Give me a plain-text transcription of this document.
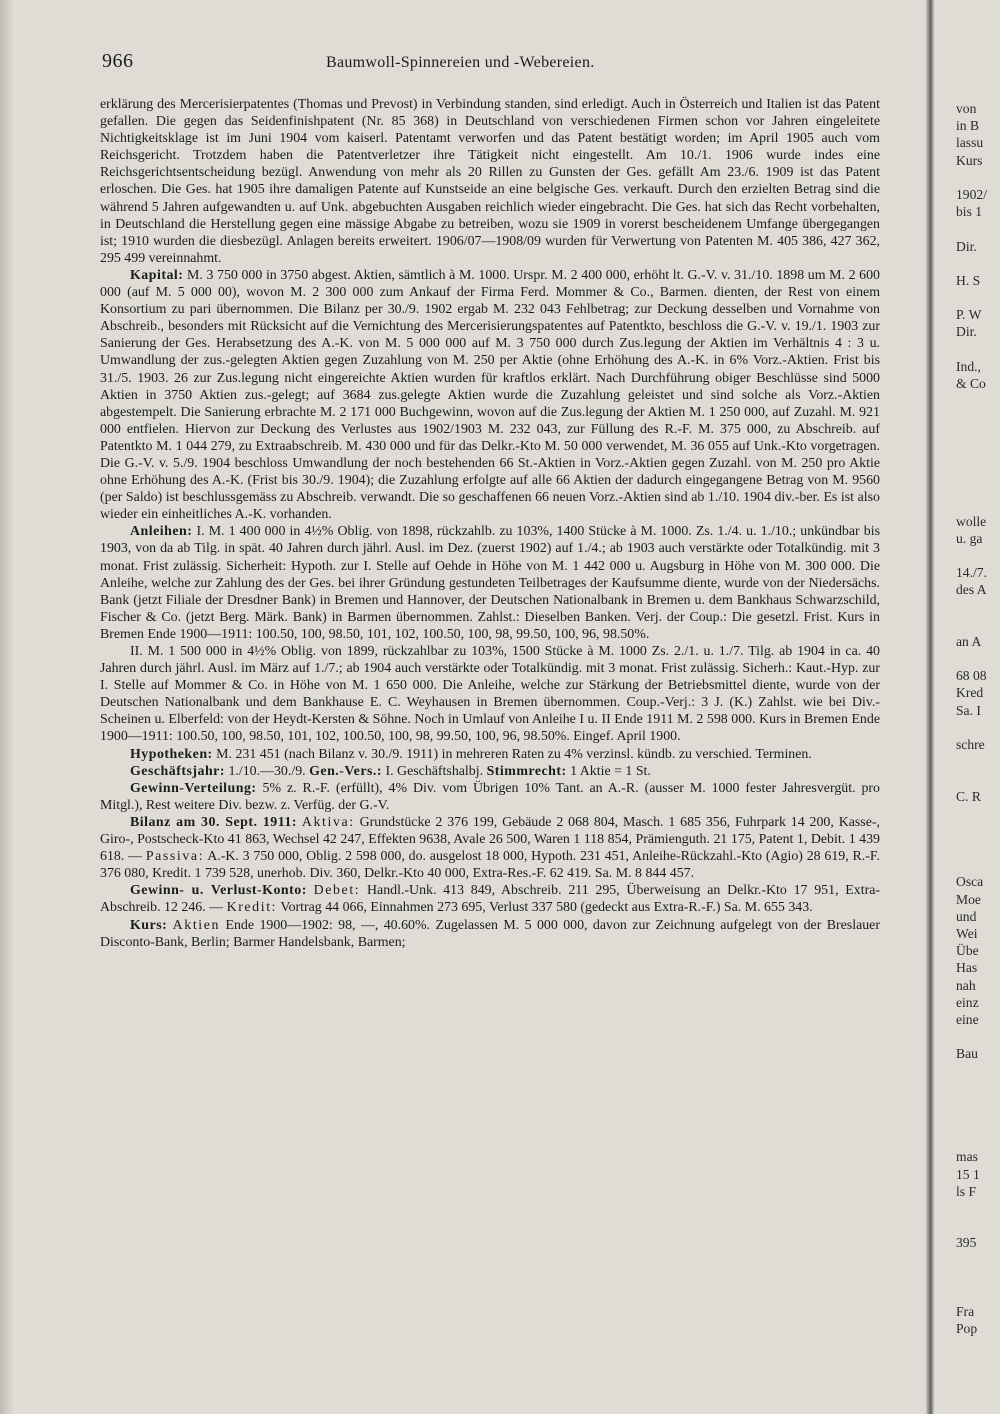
966	Baumwoll-Spinnereien und -Webereien.

erklärung des Mercerisierpatentes (Thomas und Prevost) in Verbindung standen, sind erledigt. Auch in Österreich und Italien ist das Patent gefallen. Die gegen das Seidenfinishpatent (Nr. 85 368) in Deutschland von verschiedenen Firmen schon vor Jahren eingeleitete Nichtigkeitsklage ist im Juni 1904 vom kaiserl. Patentamt verworfen und das Patent bestätigt worden; im April 1905 auch vom Reichsgericht. Trotzdem haben die Patentverletzer ihre Tätigkeit nicht eingestellt. Am 10./1. 1906 wurde indes eine Reichsgerichtsentscheidung bezügl. Anwendung von mehr als 20 Rillen zu Gunsten der Ges. gefällt Am 23./6. 1909 ist das Patent erloschen. Die Ges. hat 1905 ihre damaligen Patente auf Kunstseide an eine belgische Ges. verkauft. Durch den erzielten Betrag sind die während 5 Jahren aufgewandten u. auf Unk. abgebuchten Ausgaben reichlich wieder eingebracht. Die Ges. hat sich das Recht vorbehalten, in Deutschland die Herstellung gegen eine mässige Abgabe zu betreiben, wozu sie 1909 in vorerst bescheidenem Umfange übergegangen ist; 1910 wurden die diesbezügl. Anlagen bereits erweitert. 1906/07—1908/09 wurden für Verwertung von Patenten M. 405 386, 427 362, 295 499 vereinnahmt.

Kapital: M. 3 750 000 in 3750 abgest. Aktien, sämtlich à M. 1000. Urspr. M. 2 400 000, erhöht lt. G.-V. v. 31./10. 1898 um M. 2 600 000 (auf M. 5 000 00), wovon M. 2 300 000 zum Ankauf der Firma Ferd. Mommer & Co., Barmen. dienten, der Rest von einem Konsortium zu pari übernommen. Die Bilanz per 30./9. 1902 ergab M. 232 043 Fehlbetrag; zur Deckung desselben und Vornahme von Abschreib., besonders mit Rücksicht auf die Vernichtung des Mercerisierungspatentes auf Patentkto, beschloss die G.-V. v. 19./1. 1903 zur Sanierung der Ges. Herabsetzung des A.-K. von M. 5 000 000 auf M. 3 750 000 durch Zus.legung der Aktien im Verhältnis 4 : 3 u. Umwandlung der zus.-gelegten Aktien gegen Zuzahlung von M. 250 per Aktie (ohne Erhöhung des A.-K. in 6% Vorz.-Aktien. Frist bis 31./5. 1903. 26 zur Zus.legung nicht eingereichte Aktien wurden für kraftlos erklärt. Nach Durchführung obiger Beschlüsse sind 5000 Aktien in 3750 Aktien zus.-gelegt; auf 3684 zus.gelegte Aktien wurde die Zuzahlung geleistet und sind solche als Vorz.-Aktien abgestempelt. Die Sanierung erbrachte M. 2 171 000 Buchgewinn, wovon auf die Zus.legung der Aktien M. 1 250 000, auf Zuzahl. M. 921 000 entfielen. Hiervon zur Deckung des Verlustes aus 1902/1903 M. 232 043, zur Füllung des R.-F. M. 375 000, zu Abschreib. auf Patentkto M. 1 044 279, zu Extraabschreib. M. 430 000 und für das Delkr.-Kto M. 50 000 verwendet, M. 36 055 auf Unk.-Kto vorgetragen. Die G.-V. v. 5./9. 1904 beschloss Umwandlung der noch bestehenden 66 St.-Aktien in Vorz.-Aktien gegen Zuzahl. von M. 250 pro Aktie ohne Erhöhung des A.-K. (Frist bis 30./9. 1904); die Zuzahlung erfolgte auf alle 66 Aktien der dadurch eingegangene Betrag von M. 9560 (per Saldo) ist beschlussgemäss zu Abschreib. verwandt. Die so geschaffenen 66 neuen Vorz.-Aktien sind ab 1./10. 1904 div.-ber. Es ist also wieder ein einheitliches A.-K. vorhanden.

Anleihen: I. M. 1 400 000 in 4½% Oblig. von 1898, rückzahlb. zu 103%, 1400 Stücke à M. 1000. Zs. 1./4. u. 1./10.; unkündbar bis 1903, von da ab Tilg. in spät. 40 Jahren durch jährl. Ausl. im Dez. (zuerst 1902) auf 1./4.; ab 1903 auch verstärkte oder Totalkündig. mit 3 monat. Frist zulässig. Sicherheit: Hypoth. zur I. Stelle auf Oehde in Höhe von M. 1 442 000 u. Augsburg in Höhe von M. 300 000. Die Anleihe, welche zur Zahlung des der Ges. bei ihrer Gründung gestundeten Teilbetrages der Kaufsumme diente, wurde von der Niedersächs. Bank (jetzt Filiale der Dresdner Bank) in Bremen und Hannover, der Deutschen Nationalbank in Bremen u. dem Bankhaus Schwarzschild, Fischer & Co. (jetzt Berg. Märk. Bank) in Barmen übernommen. Zahlst.: Dieselben Banken. Verj. der Coup.: Die gesetzl. Frist. Kurs in Bremen Ende 1900—1911: 100.50, 100, 98.50, 101, 102, 100.50, 100, 98, 99.50, 100, 96, 98.50%.

II. M. 1 500 000 in 4½% Oblig. von 1899, rückzahlbar zu 103%, 1500 Stücke à M. 1000 Zs. 2./1. u. 1./7. Tilg. ab 1904 in ca. 40 Jahren durch jährl. Ausl. im März auf 1./7.; ab 1904 auch verstärkte oder Totalkündig. mit 3 monat. Frist zulässig. Sicherh.: Kaut.-Hyp. zur I. Stelle auf Mommer & Co. in Höhe von M. 1 650 000. Die Anleihe, welche zur Stärkung der Betriebsmittel diente, wurde von der Deutschen Nationalbank und dem Bankhause E. C. Weyhausen in Bremen übernommen. Coup.-Verj.: 3 J. (K.) Zahlst. wie bei Div.-Scheinen u. Elberfeld: von der Heydt-Kersten & Söhne. Noch in Umlauf von Anleihe I u. II Ende 1911 M. 2 598 000. Kurs in Bremen Ende 1900—1911: 100.50, 100, 98.50, 101, 102, 100.50, 100, 98, 99.50, 100, 96, 98.50%. Eingef. April 1900.

Hypotheken: M. 231 451 (nach Bilanz v. 30./9. 1911) in mehreren Raten zu 4% verzinsl. kündb. zu verschied. Terminen.

Geschäftsjahr: 1./10.—30./9. Gen.-Vers.: I. Geschäftshalbj. Stimmrecht: 1 Aktie = 1 St.

Gewinn-Verteilung: 5% z. R.-F. (erfüllt), 4% Div. vom Übrigen 10% Tant. an A.-R. (ausser M. 1000 fester Jahresvergüt. pro Mitgl.), Rest weitere Div. bezw. z. Verfüg. der G.-V.

Bilanz am 30. Sept. 1911: Aktiva: Grundstücke 2 376 199, Gebäude 2 068 804, Masch. 1 685 356, Fuhrpark 14 200, Kasse-, Giro-, Postscheck-Kto 41 863, Wechsel 42 247, Effekten 9638, Avale 26 500, Waren 1 118 854, Prämienguth. 21 175, Patent 1, Debit. 1 439 618. — Passiva: A.-K. 3 750 000, Oblig. 2 598 000, do. ausgelost 18 000, Hypoth. 231 451, Anleihe-Rückzahl.-Kto (Agio) 28 619, R.-F. 376 080, Kredit. 1 739 528, unerhob. Div. 360, Delkr.-Kto 40 000, Extra-Res.-F. 62 419. Sa. M. 8 844 457.

Gewinn- u. Verlust-Konto: Debet: Handl.-Unk. 413 849, Abschreib. 211 295, Überweisung an Delkr.-Kto 17 951, Extra-Abschreib. 12 246. — Kredit: Vortrag 44 066, Einnahmen 273 695, Verlust 337 580 (gedeckt aus Extra-R.-F.) Sa. M. 655 343.

Kurs: Aktien Ende 1900—1902: 98, —, 40.60%. Zugelassen M. 5 000 000, davon zur Zeichnung aufgelegt von der Breslauer Disconto-Bank, Berlin; Barmer Handelsbank, Barmen;

von
in B
lassu
Kurs
1902/
bis 1
Dir.
H. S
P. W
Dir.
Ind.,
& Co
wolle
u. ga
14./7.
des A
an A
68 08
Kred
Sa. I
schre
C. R
Osca
Moe
und
Wei
Übe
Has
nah
einz
eine
Bau
mas
15 1
ls F
395
Fra
Pop
